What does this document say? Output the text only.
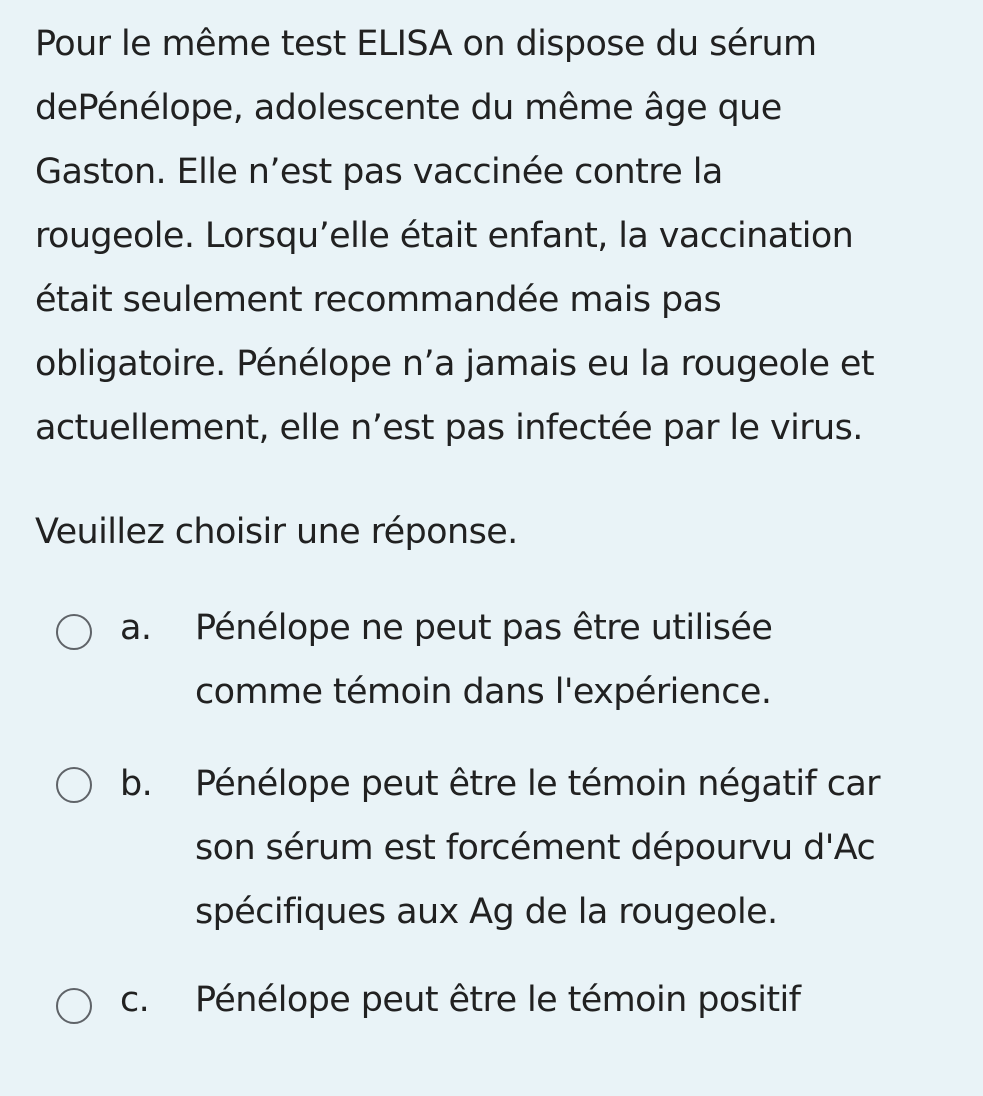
Pour le même test ELISA on dispose du sérum
dePénélope, adolescente du même âge que
Gaston. Elle n’est pas vaccinée contre la
rougeole. Lorsqu’elle était enfant, la vaccination
était seulement recommandée mais pas
obligatoire. Pénélope n’a jamais eu la rougeole et
actuellement, elle n’est pas infectée par le virus.
Veuillez choisir une réponse.
a. Pénélope ne peut pas être utilisée
comme témoin dans l'expérience.
b. Pénélope peut être le témoin négatif car
son sérum est forcément dépourvu d'Ac
spécifiques aux Ag de la rougeole.
c. Pénélope peut être le témoin positif
